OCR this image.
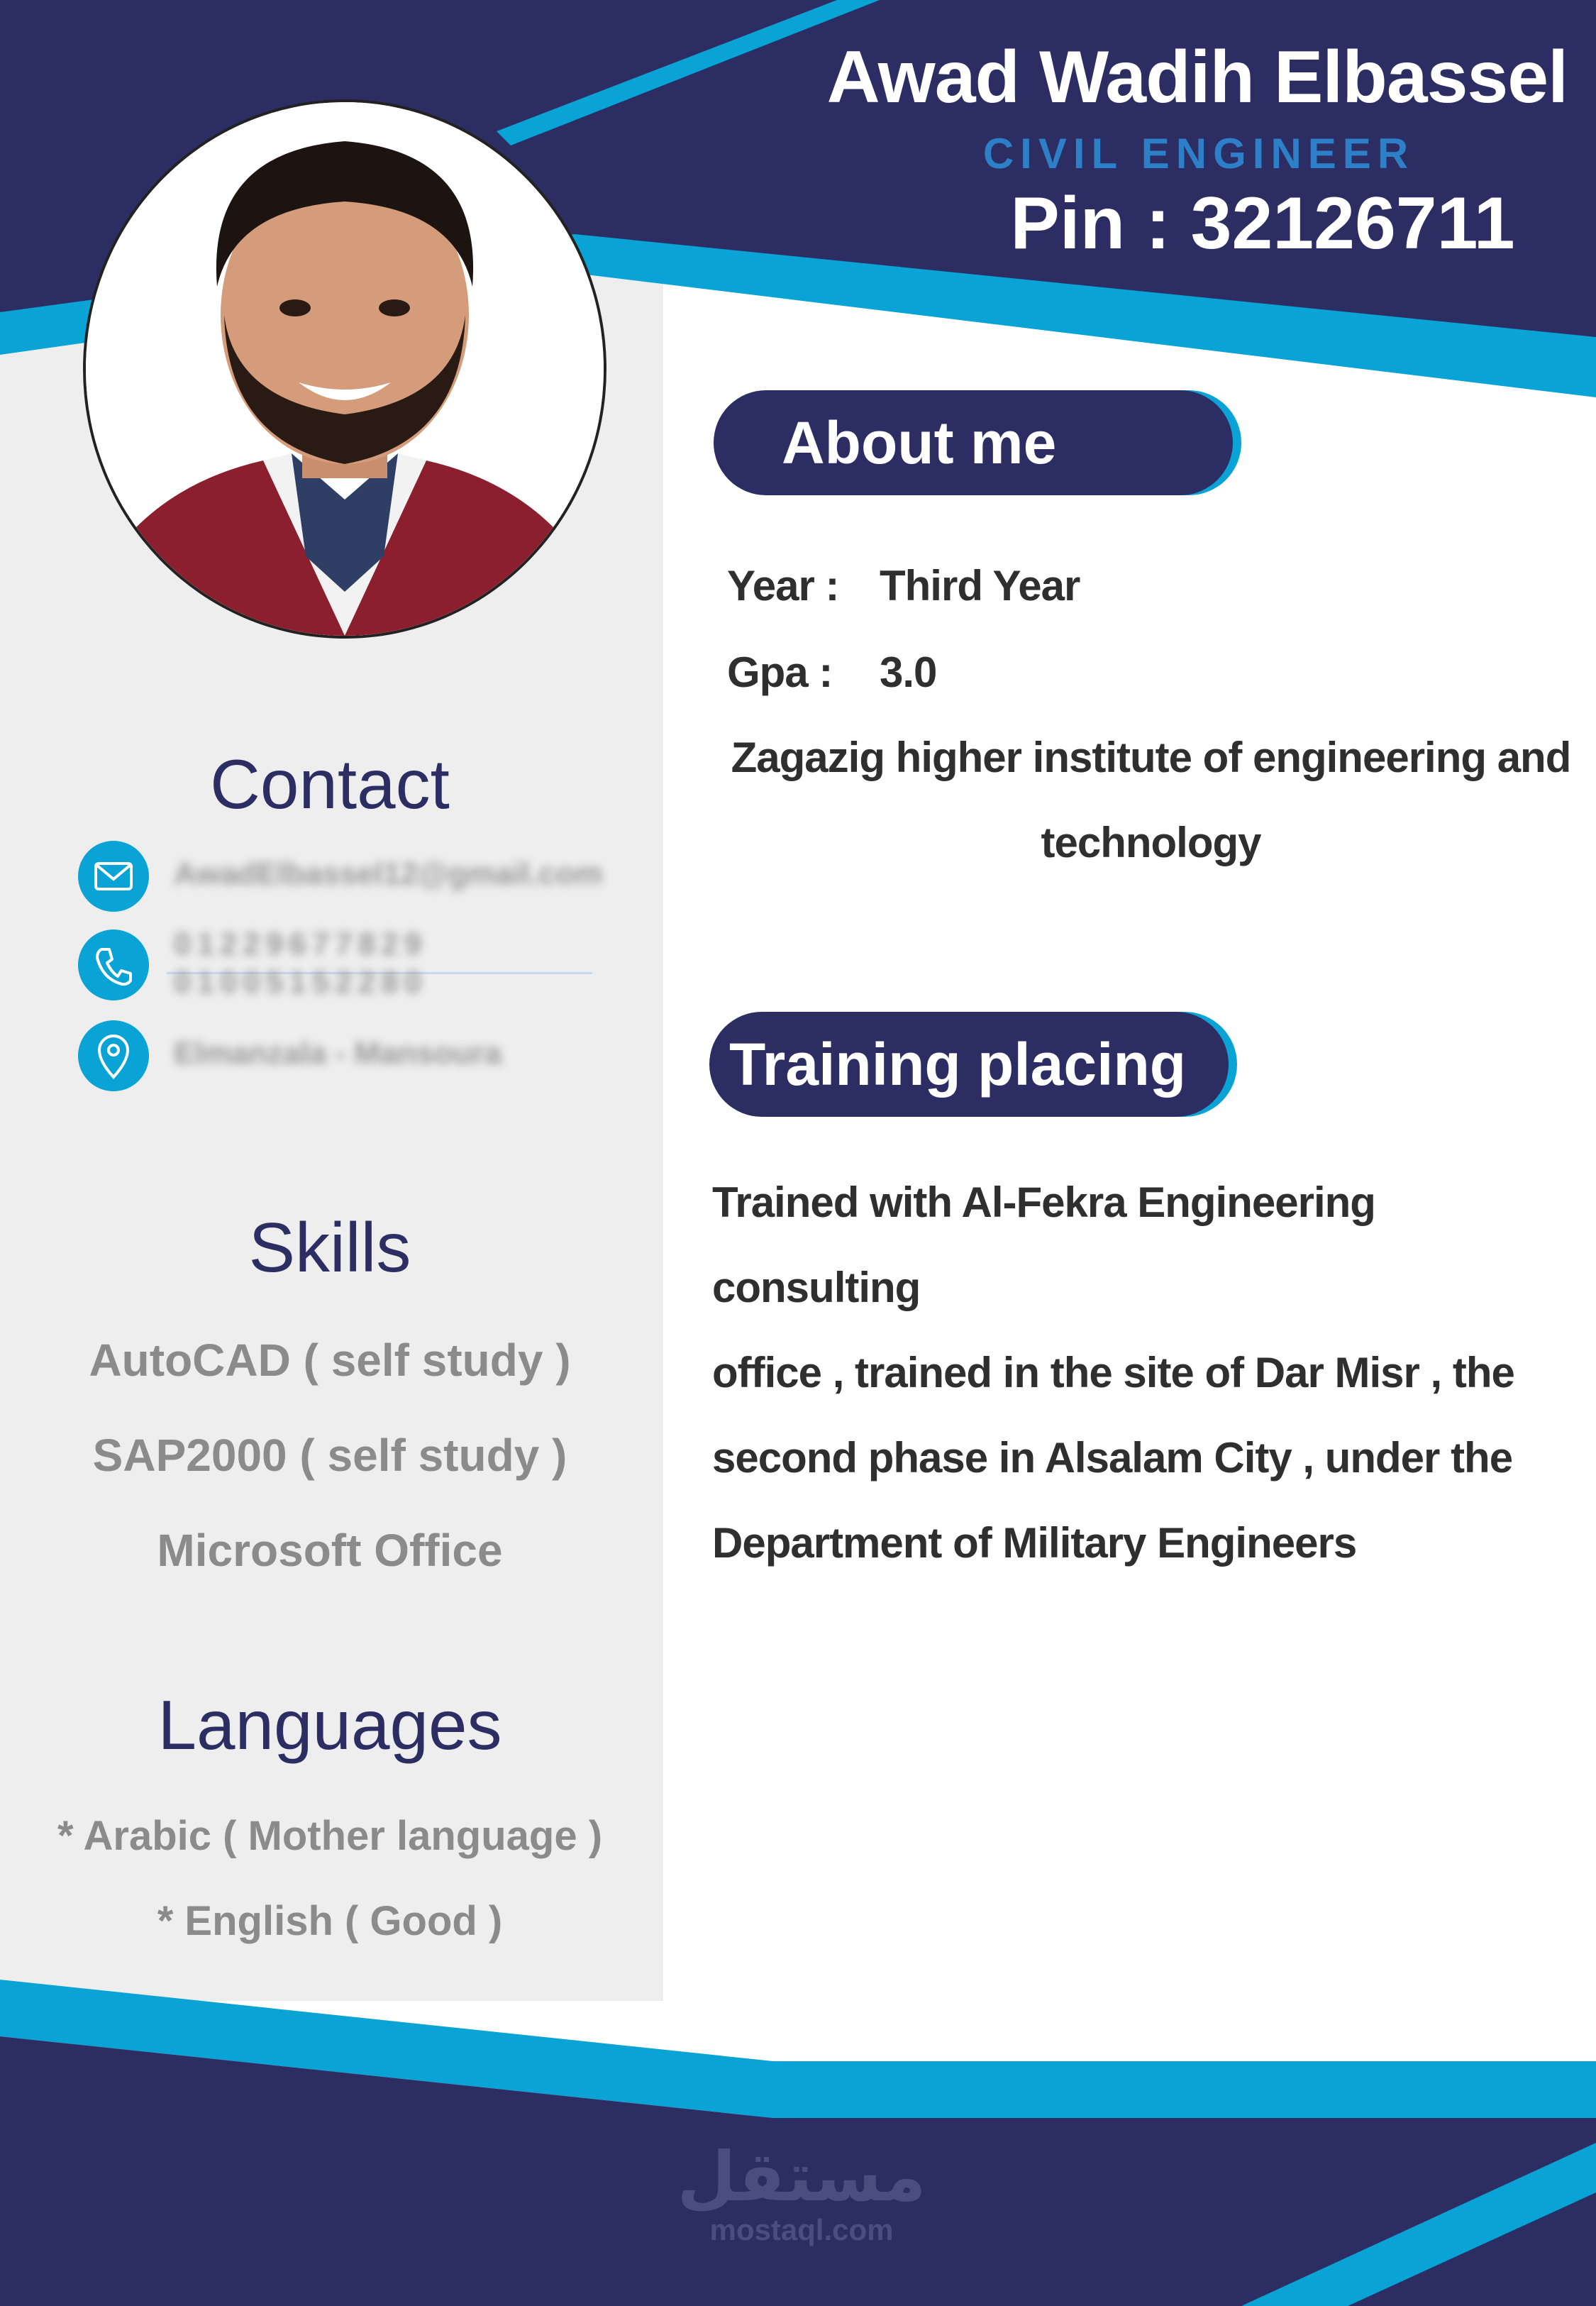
Awad Wadih Elbassel
CIVIL ENGINEER
Pin : 32126711
About me
Year : Third Year
Gpa : 3.0
Zagazig higher institute of engineering and
technology
Training placing
Trained with Al-Fekra Engineering consulting
office , trained in the site of Dar Misr , the
second phase in Alsalam City , under the
Department of Military Engineers
Contact
AwadElbassel12@gmail.com
01229677829
01005152280
Elmanzala - Mansoura
Skills
AutoCAD ( self study )
SAP2000 ( self study )
Microsoft Office
Languages
* Arabic ( Mother language )
* English ( Good )
مستقل
mostaql.com
